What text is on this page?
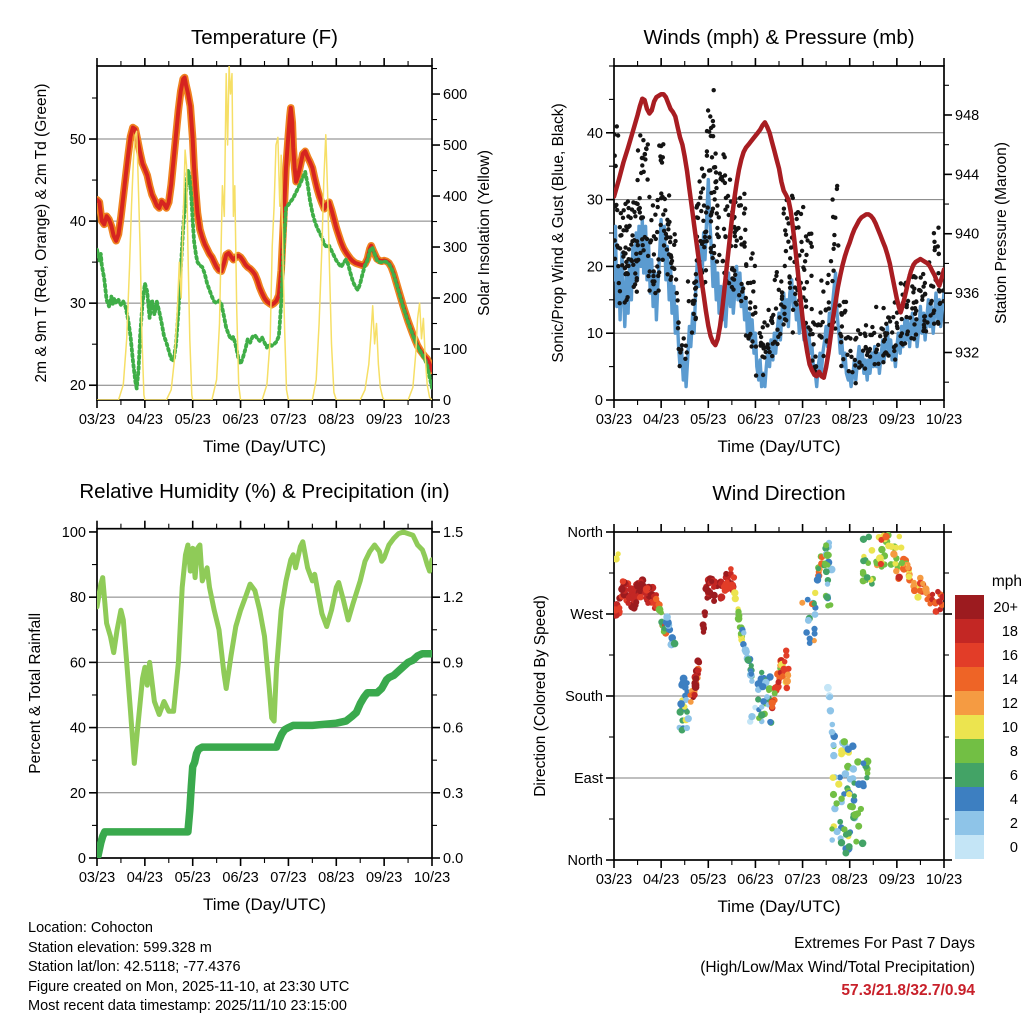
03/23 04/23 05/23 06/23 07/23 08/23 09/23 10/23
Time (Day/UTC)
20
30
40
50
0
100
200
300
400
500
600
Temperature (F)
2m & 9m T (Red, Orange) & 2m Td (Green)	Solar Insolation (Yellow)
03/23 04/23 05/23 06/23 07/23 08/23 09/23 10/23
Time (Day/UTC)
0
10
20
30
40
932
936
940
944
948
Winds (mph) & Pressure (mb)
Sonic/Prop Wind & Gust (Blue, Black)	Station Pressure (Maroon)
03/23 04/23 05/23 06/23 07/23 08/23 09/23 10/23
Time (Day/UTC)
0
20
40
60
80
100
0.0
0.3
0.6
0.9
1.2
1.5
Relative Humidity (%) & Precipitation (in)
Percent & Total Rainfall
03/23 04/23 05/23 06/23 07/23 08/23 09/23 10/23
Time (Day/UTC)
North
West
South
East
North
Wind Direction
Direction (Colored By Speed)
mph
20+
18
16
14
12
10
8
6
4
2
0
Location: Cohocton
Station elevation: 599.328 m
Station lat/lon: 42.5118; -77.4376
Figure created on Mon, 2025-11-10, at 23:30 UTC
Most recent data timestamp: 2025/11/10 23:15:00
Extremes For Past 7 Days
(High/Low/Max Wind/Total Precipitation)
57.3/21.8/32.7/0.94
